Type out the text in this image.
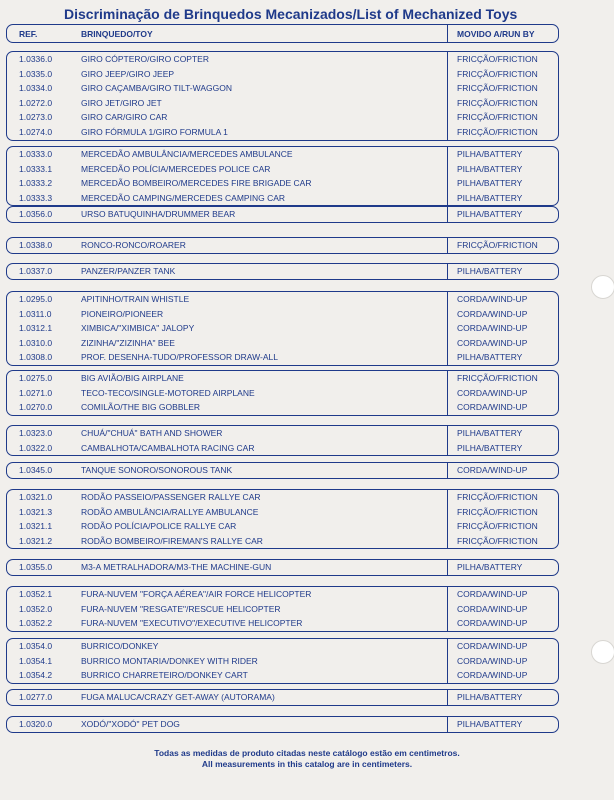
Discriminação de Brinquedos Mecanizados/List of Mechanized Toys
REF.	BRINQUEDO/TOY	MOVIDO A/RUN BY
1.0336.0	GIRO CÓPTERO/GIRO COPTER	FRICÇÃO/FRICTION
1.0335.0	GIRO JEEP/GIRO JEEP	FRICÇÃO/FRICTION
1.0334.0	GIRO CAÇAMBA/GIRO TILT-WAGGON	FRICÇÃO/FRICTION
1.0272.0	GIRO JET/GIRO JET	FRICÇÃO/FRICTION
1.0273.0	GIRO CAR/GIRO CAR	FRICÇÃO/FRICTION
1.0274.0	GIRO FÓRMULA 1/GIRO FORMULA 1	FRICÇÃO/FRICTION
1.0333.0	MERCEDÃO AMBULÂNCIA/MERCEDES AMBULANCE	PILHA/BATTERY
1.0333.1	MERCEDÃO POLÍCIA/MERCEDES POLICE CAR	PILHA/BATTERY
1.0333.2	MERCEDÃO BOMBEIRO/MERCEDES FIRE BRIGADE CAR	PILHA/BATTERY
1.0333.3	MERCEDÃO CAMPING/MERCEDES CAMPING CAR	PILHA/BATTERY
1.0356.0	URSO BATUQUINHA/DRUMMER BEAR	PILHA/BATTERY
1.0338.0	RONCO-RONCO/ROARER	FRICÇÃO/FRICTION
1.0337.0	PANZER/PANZER TANK	PILHA/BATTERY
1.0295.0	APITINHO/TRAIN WHISTLE	CORDA/WIND-UP
1.0311.0	PIONEIRO/PIONEER	CORDA/WIND-UP
1.0312.1	XIMBICA/"XIMBICA" JALOPY	CORDA/WIND-UP
1.0310.0	ZIZINHA/"ZIZINHA" BEE	CORDA/WIND-UP
1.0308.0	PROF. DESENHA-TUDO/PROFESSOR DRAW-ALL	PILHA/BATTERY
1.0275.0	BIG AVIÃO/BIG AIRPLANE	FRICÇÃO/FRICTION
1.0271.0	TECO-TECO/SINGLE-MOTORED AIRPLANE	CORDA/WIND-UP
1.0270.0	COMILÃO/THE BIG GOBBLER	CORDA/WIND-UP
1.0323.0	CHUÁ/"CHUÁ" BATH AND SHOWER	PILHA/BATTERY
1.0322.0	CAMBALHOTA/CAMBALHOTA RACING CAR	PILHA/BATTERY
1.0345.0	TANQUE SONORO/SONOROUS TANK	CORDA/WIND-UP
1.0321.0	RODÃO PASSEIO/PASSENGER RALLYE CAR	FRICÇÃO/FRICTION
1.0321.3	RODÃO AMBULÂNCIA/RALLYE AMBULANCE	FRICÇÃO/FRICTION
1.0321.1	RODÃO POLÍCIA/POLICE RALLYE CAR	FRICÇÃO/FRICTION
1.0321.2	RODÃO BOMBEIRO/FIREMAN'S RALLYE CAR	FRICÇÃO/FRICTION
1.0355.0	M3-A METRALHADORA/M3-THE MACHINE-GUN	PILHA/BATTERY
1.0352.1	FURA-NUVEM "FORÇA AÉREA"/AIR FORCE HELICOPTER	CORDA/WIND-UP
1.0352.0	FURA-NUVEM "RESGATE"/RESCUE HELICOPTER	CORDA/WIND-UP
1.0352.2	FURA-NUVEM "EXECUTIVO"/EXECUTIVE HELICOPTER	CORDA/WIND-UP
1.0354.0	BURRICO/DONKEY	CORDA/WIND-UP
1.0354.1	BURRICO MONTARIA/DONKEY WITH RIDER	CORDA/WIND-UP
1.0354.2	BURRICO CHARRETEIRO/DONKEY CART	CORDA/WIND-UP
1.0277.0	FUGA MALUCA/CRAZY GET-AWAY (AUTORAMA)	PILHA/BATTERY
1.0320.0	XODÓ/"XODÓ" PET DOG	PILHA/BATTERY
Todas as medidas de produto citadas neste catálogo estão em centimetros.
All measurements in this catalog are in centimeters.
